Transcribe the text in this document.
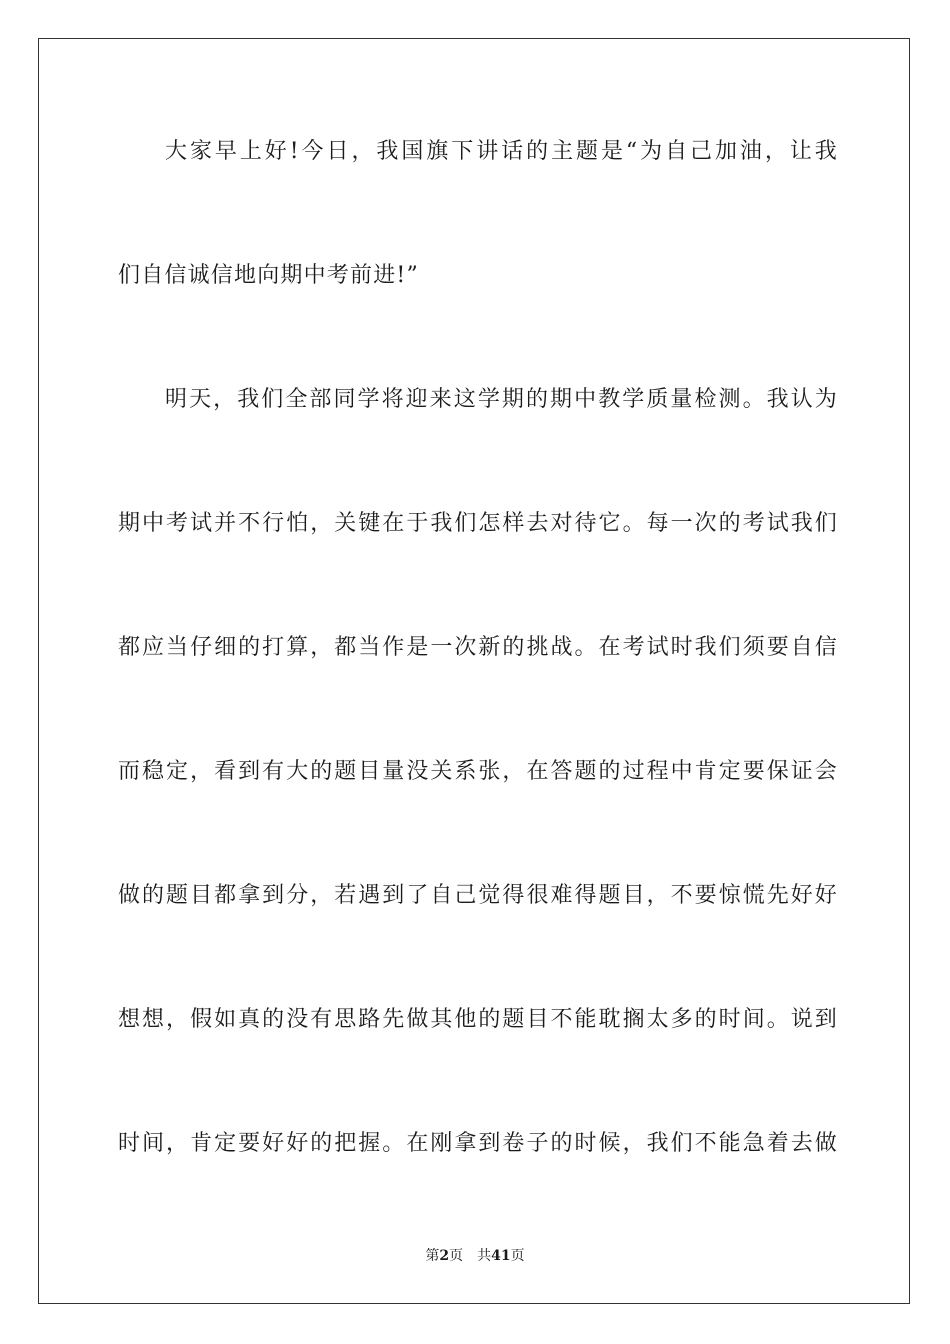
大家早上好!今日，我国旗下讲话的主题是“为自己加油，让我
们自信诚信地向期中考前进!”
明天，我们全部同学将迎来这学期的期中教学质量检测。我认为
期中考试并不行怕，关键在于我们怎样去对待它。每一次的考试我们
都应当仔细的打算，都当作是一次新的挑战。在考试时我们须要自信
而稳定，看到有大的题目量没关系张，在答题的过程中肯定要保证会
做的题目都拿到分，若遇到了自己觉得很难得题目，不要惊慌先好好
想想，假如真的没有思路先做其他的题目不能耽搁太多的时间。说到
时间，肯定要好好的把握。在刚拿到卷子的时候，我们不能急着去做
第2页 共41页
